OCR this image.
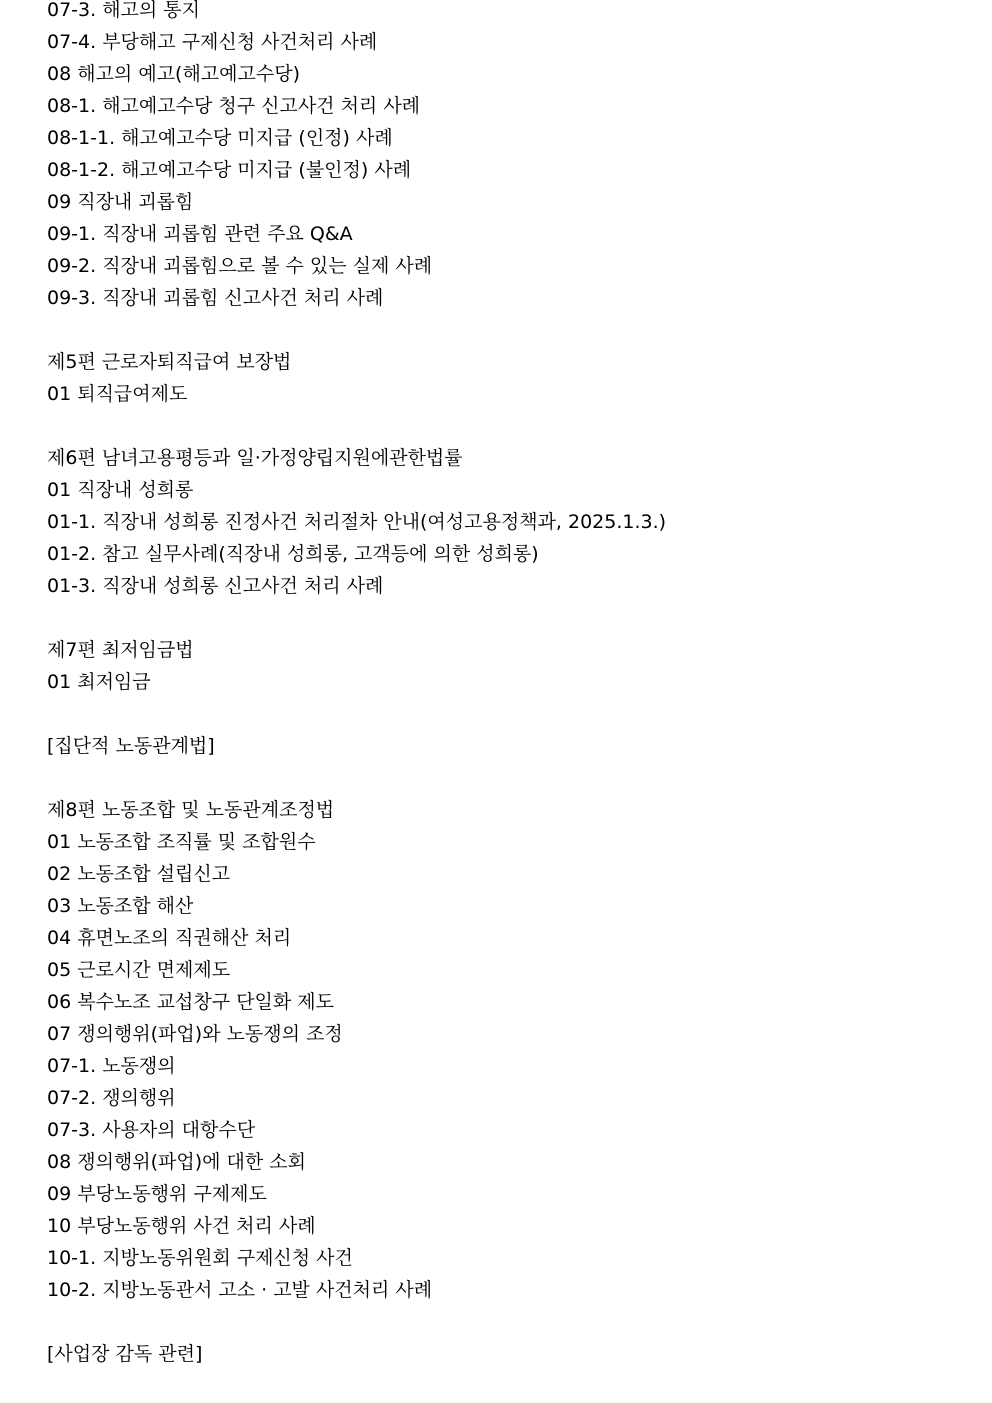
07-3. 해고의 통지
07-4. 부당해고 구제신청 사건처리 사례
08 해고의 예고(해고예고수당)
08-1. 해고예고수당 청구 신고사건 처리 사례
08-1-1. 해고예고수당 미지급 (인정) 사례
08-1-2. 해고예고수당 미지급 (불인정) 사례
09 직장내 괴롭힘
09-1. 직장내 괴롭힘 관련 주요 Q&A
09-2. 직장내 괴롭힘으로 볼 수 있는 실제 사례
09-3. 직장내 괴롭힘 신고사건 처리 사례
제5편 근로자퇴직급여 보장법
01 퇴직급여제도
제6편 남녀고용평등과 일·가정양립지원에관한법률
01 직장내 성희롱
01-1. 직장내 성희롱 진정사건 처리절차 안내(여성고용정책과, 2025.1.3.)
01-2. 참고 실무사례(직장내 성희롱, 고객등에 의한 성희롱)
01-3. 직장내 성희롱 신고사건 처리 사례
제7편 최저임금법
01 최저임금
[집단적 노동관계법]
제8편 노동조합 및 노동관계조정법
01 노동조합 조직률 및 조합원수
02 노동조합 설립신고
03 노동조합 해산
04 휴면노조의 직권해산 처리
05 근로시간 면제제도
06 복수노조 교섭창구 단일화 제도
07 쟁의행위(파업)와 노동쟁의 조정
07-1. 노동쟁의
07-2. 쟁의행위
07-3. 사용자의 대항수단
08 쟁의행위(파업)에 대한 소회
09 부당노동행위 구제제도
10 부당노동행위 사건 처리 사례
10-1. 지방노동위원회 구제신청 사건
10-2. 지방노동관서 고소 · 고발 사건처리 사례
[사업장 감독 관련]
